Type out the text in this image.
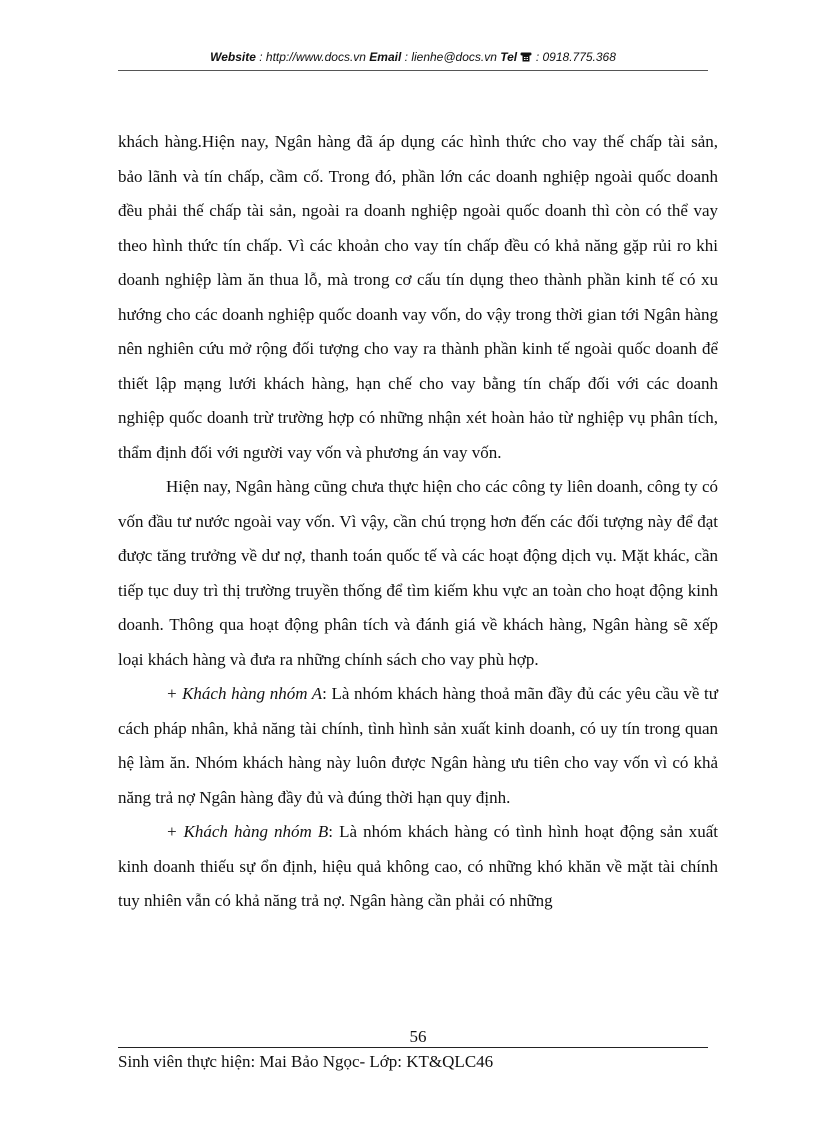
Website : http://www.docs.vn Email : lienhe@docs.vn Tel : 0918.775.368

khách hàng.Hiện nay, Ngân hàng đã áp dụng các hình thức cho vay thế chấp tài sản, bảo lãnh và tín chấp, cầm cố. Trong đó, phần lớn các doanh nghiệp ngoài quốc doanh đều phải thế chấp tài sản, ngoài ra doanh nghiệp ngoài quốc doanh thì còn có thể vay theo hình thức tín chấp. Vì các khoản cho vay tín chấp đều có khả năng gặp rủi ro khi doanh nghiệp làm ăn thua lỗ, mà trong cơ cấu tín dụng theo thành phần kinh tế có xu hướng cho các doanh nghiệp quốc doanh vay vốn, do vậy trong thời gian tới Ngân hàng nên nghiên cứu mở rộng đối tượng cho vay ra thành phần kinh tế ngoài quốc doanh để thiết lập mạng lưới khách hàng, hạn chế cho vay bằng tín chấp đối với các doanh nghiệp quốc doanh trừ trường hợp có những nhận xét hoàn hảo từ nghiệp vụ phân tích, thẩm định đối với người vay vốn và phương án vay vốn.

Hiện nay, Ngân hàng cũng chưa thực hiện cho các công ty liên doanh, công ty có vốn đầu tư nước ngoài vay vốn. Vì vậy, cần chú trọng hơn đến các đối tượng này để đạt được tăng trưởng về dư nợ, thanh toán quốc tế và các hoạt động dịch vụ. Mặt khác, cần tiếp tục duy trì thị trường truyền thống để tìm kiếm khu vực an toàn cho hoạt động kinh doanh. Thông qua hoạt động phân tích và đánh giá về khách hàng, Ngân hàng sẽ xếp loại khách hàng và đưa ra những chính sách cho vay phù hợp.

+ Khách hàng nhóm A: Là nhóm khách hàng thoả mãn đầy đủ các yêu cầu về tư cách pháp nhân, khả năng tài chính, tình hình sản xuất kinh doanh, có uy tín trong quan hệ làm ăn. Nhóm khách hàng này luôn được Ngân hàng ưu tiên cho vay vốn vì có khả năng trả nợ Ngân hàng đầy đủ và đúng thời hạn quy định.

+ Khách hàng nhóm B: Là nhóm khách hàng có tình hình hoạt động sản xuất kinh doanh thiếu sự ổn định, hiệu quả không cao, có những khó khăn về mặt tài chính tuy nhiên vẫn có khả năng trả nợ. Ngân hàng cần phải có những

56
Sinh viên thực hiện: Mai Bảo Ngọc- Lớp: KT&QLC46
